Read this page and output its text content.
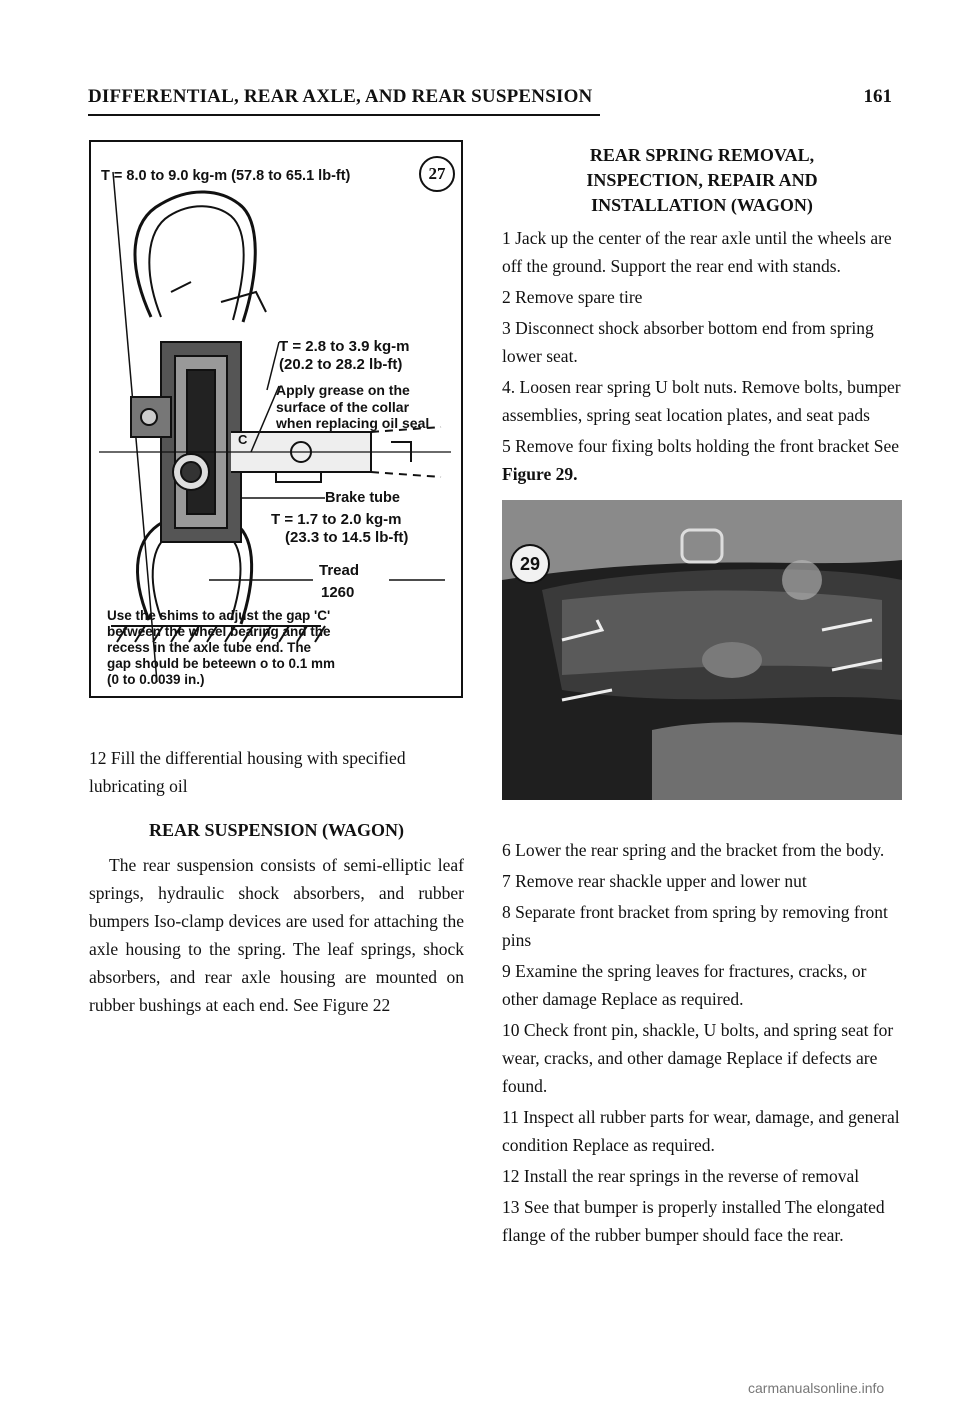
DIFFERENTIAL, REAR AXLE, AND REAR SUSPENSION	161
C
T = 8.0 to 9.0 kg-m (57.8 to 65.1 lb-ft)	27
T = 2.8 to 3.9 kg-m
(20.2 to 28.2 lb-ft)
Apply grease on the
surface of the collar
when replacing oil seal
Brake tube
T = 1.7 to 2.0 kg-m
(23.3 to 14.5 lb-ft)
Tread
1260
Use the shims to adjust the gap 'C'
between the wheel bearing and the
recess in the axle tube end. The
gap should be beteewn o to 0.1 mm
(0 to 0.0039 in.)

12 Fill the differential housing with specified lubricating oil

REAR SUSPENSION (WAGON)

The rear suspension consists of semi-elliptic leaf springs, hydraulic shock absorbers, and rubber bumpers Iso-clamp devices are used for attaching the axle housing to the spring. The leaf springs, shock absorbers, and rear axle housing are mounted on rubber bushings at each end. See Figure 22

REAR SPRING REMOVAL,
INSPECTION, REPAIR AND
INSTALLATION (WAGON)

1 Jack up the center of the rear axle until the wheels are off the ground. Support the rear end with stands.

2 Remove spare tire

3 Disconnect shock absorber bottom end from spring lower seat.

4. Loosen rear spring U bolt nuts. Remove bolts, bumper assemblies, spring seat location plates, and seat pads

5 Remove four fixing bolts holding the front bracket See Figure 29.

29

6 Lower the rear spring and the bracket from the body.

7 Remove rear shackle upper and lower nut

8 Separate front bracket from spring by removing front pins

9 Examine the spring leaves for fractures, cracks, or other damage Replace as required.

10 Check front pin, shackle, U bolts, and spring seat for wear, cracks, and other damage Replace if defects are found.

11 Inspect all rubber parts for wear, damage, and general condition Replace as required.

12 Install the rear springs in the reverse of removal

13 See that bumper is properly installed The elongated flange of the rubber bumper should face the rear.

carmanualsonline.info
